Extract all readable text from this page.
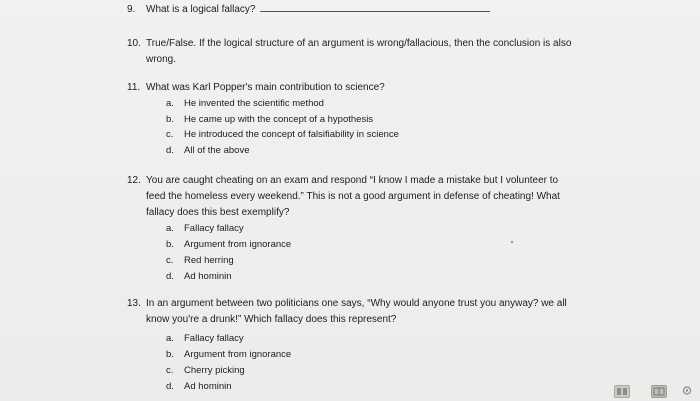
9. What is a logical fallacy?
10. True/False. If the logical structure of an argument is wrong/fallacious, then the conclusion is also
wrong.
11. What was Karl Popper's main contribution to science?
a. He invented the scientific method
b. He came up with the concept of a hypothesis
c. He introduced the concept of falsifiability in science
d. All of the above
12. You are caught cheating on an exam and respond “I know I made a mistake but I volunteer to
feed the homeless every weekend.” This is not a good argument in defense of cheating! What
fallacy does this best exemplify?
a. Fallacy fallacy
b. Argument from ignorance
c. Red herring
d. Ad hominin
13. In an argument between two politicians one says, “Why would anyone trust you anyway? we all
know you're a drunk!” Which fallacy does this represent?
a. Fallacy fallacy
b. Argument from ignorance
c. Cherry picking
d. Ad hominin
